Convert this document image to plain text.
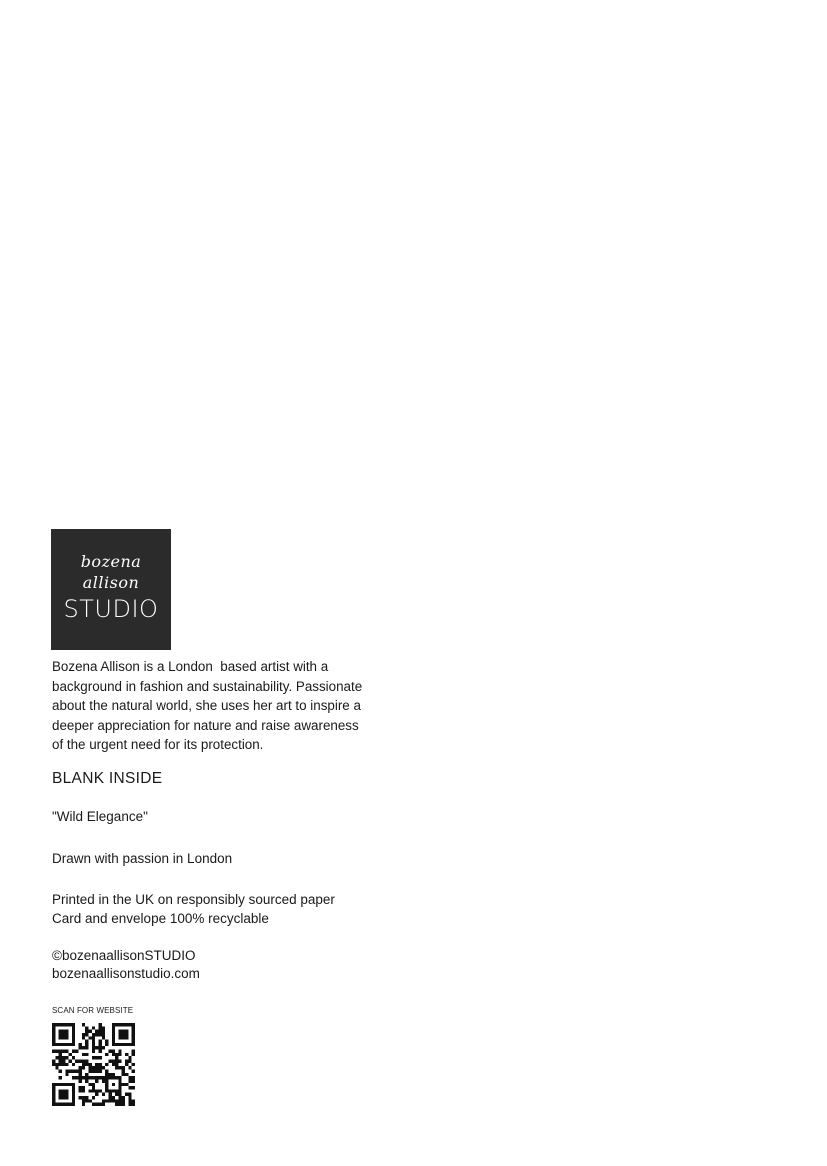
bozena
allison
STUDIO

Bozena Allison is a London  based artist with a
background in fashion and sustainability. Passionate
about the natural world, she uses her art to inspire a
deeper appreciation for nature and raise awareness
of the urgent need for its protection.

BLANK INSIDE

"Wild Elegance"

Drawn with passion in London

Printed in the UK on responsibly sourced paper
Card and envelope 100% recyclable

©bozenaallisonSTUDIO
bozenaallisonstudio.com

SCAN FOR WEBSITE
